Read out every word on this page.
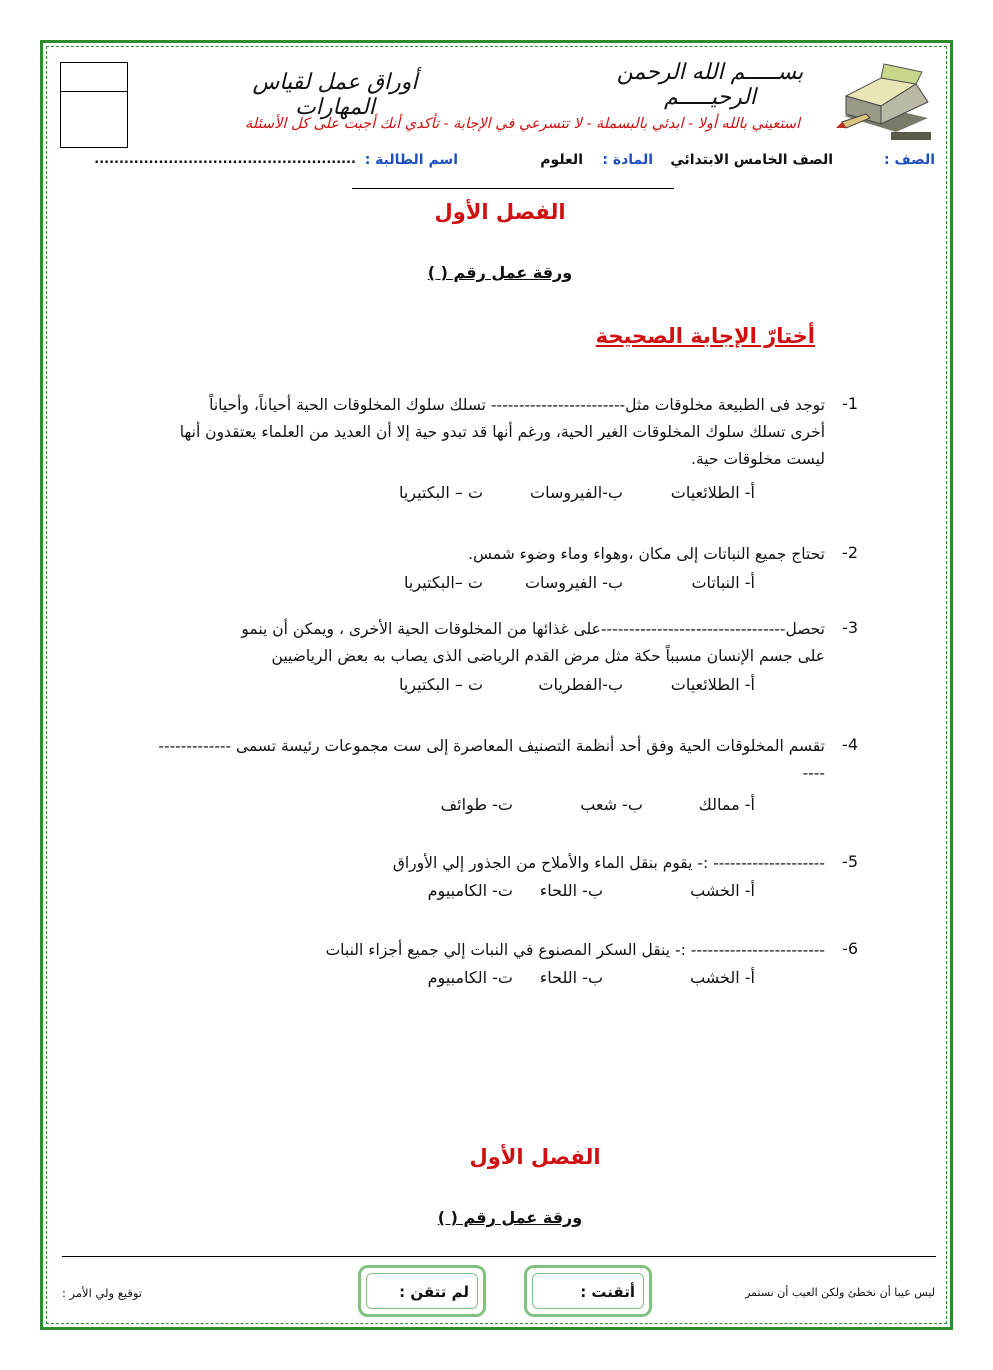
بســـــم الله الرحمن الرحيـــــم
أوراق عمل لقياس المهارات
استعيني بالله أولا - ابدئي بالبسملة - لا تتسرعي في الإجابة - تأكدي أنك أجبت على كل الأسئلة
الصف :
الصف الخامس الابتدائي
المادة :
العلوم
اسم الطالبة :
.....................................................
الفصل الأول
ورقة عمل رقم ( )
أختارّ الإجابة الصحيحة
-1
توجد فى الطبيعة مخلوقات مثل------------------------ تسلك سلوك المخلوقات الحية أحياناً، وأحياناً
أخرى تسلك سلوك المخلوقات الغير الحية، ورغم أنها قد تبدو حية إلا أن العديد من العلماء يعتقدون أنها
ليست مخلوقات حية.
أ- الطلائعيات
ب-الفيروسات
ت – البكتيريا
-2
تحتاج جميع النباتات إلى مكان ،وهواء وماء وضوء شمس.
أ- النباتات
ب- الفيروسات
ت –البكتيريا
-3
تحصل---------------------------------على غذائها من المخلوقات الحية الأخرى ، ويمكن أن ينمو
على جسم الإنسان مسبباً حكة مثل مرض القدم الرياضى الذى يصاب به بعض الرياضيين
أ- الطلائعيات
ب-الفطريات
ت – البكتيريا
-4
تقسم المخلوقات الحية وفق أحد أنظمة التصنيف المعاصرة إلى ست مجموعات رئيسة تسمى -------------
----
أ- ممالك
ب- شعب
ت- طوائف
-5
-------------------- :- يقوم بنقل الماء والأملاح من الجذور إلي الأوراق
أ- الخشب
ب- اللحاء
ت- الكامبيوم
-6
------------------------ :- ينقل السكر المصنوع في النبات إلي جميع أجزاء النبات
أ- الخشب
ب- اللحاء
ت- الكامبيوم
الفصل الأول
ورقة عمل رقم ( )
توقيع ولي الأمر :	لم تتقن :	أتقنت :	ليس عيبا أن نخطئ ولكن العيب أن نستمر
